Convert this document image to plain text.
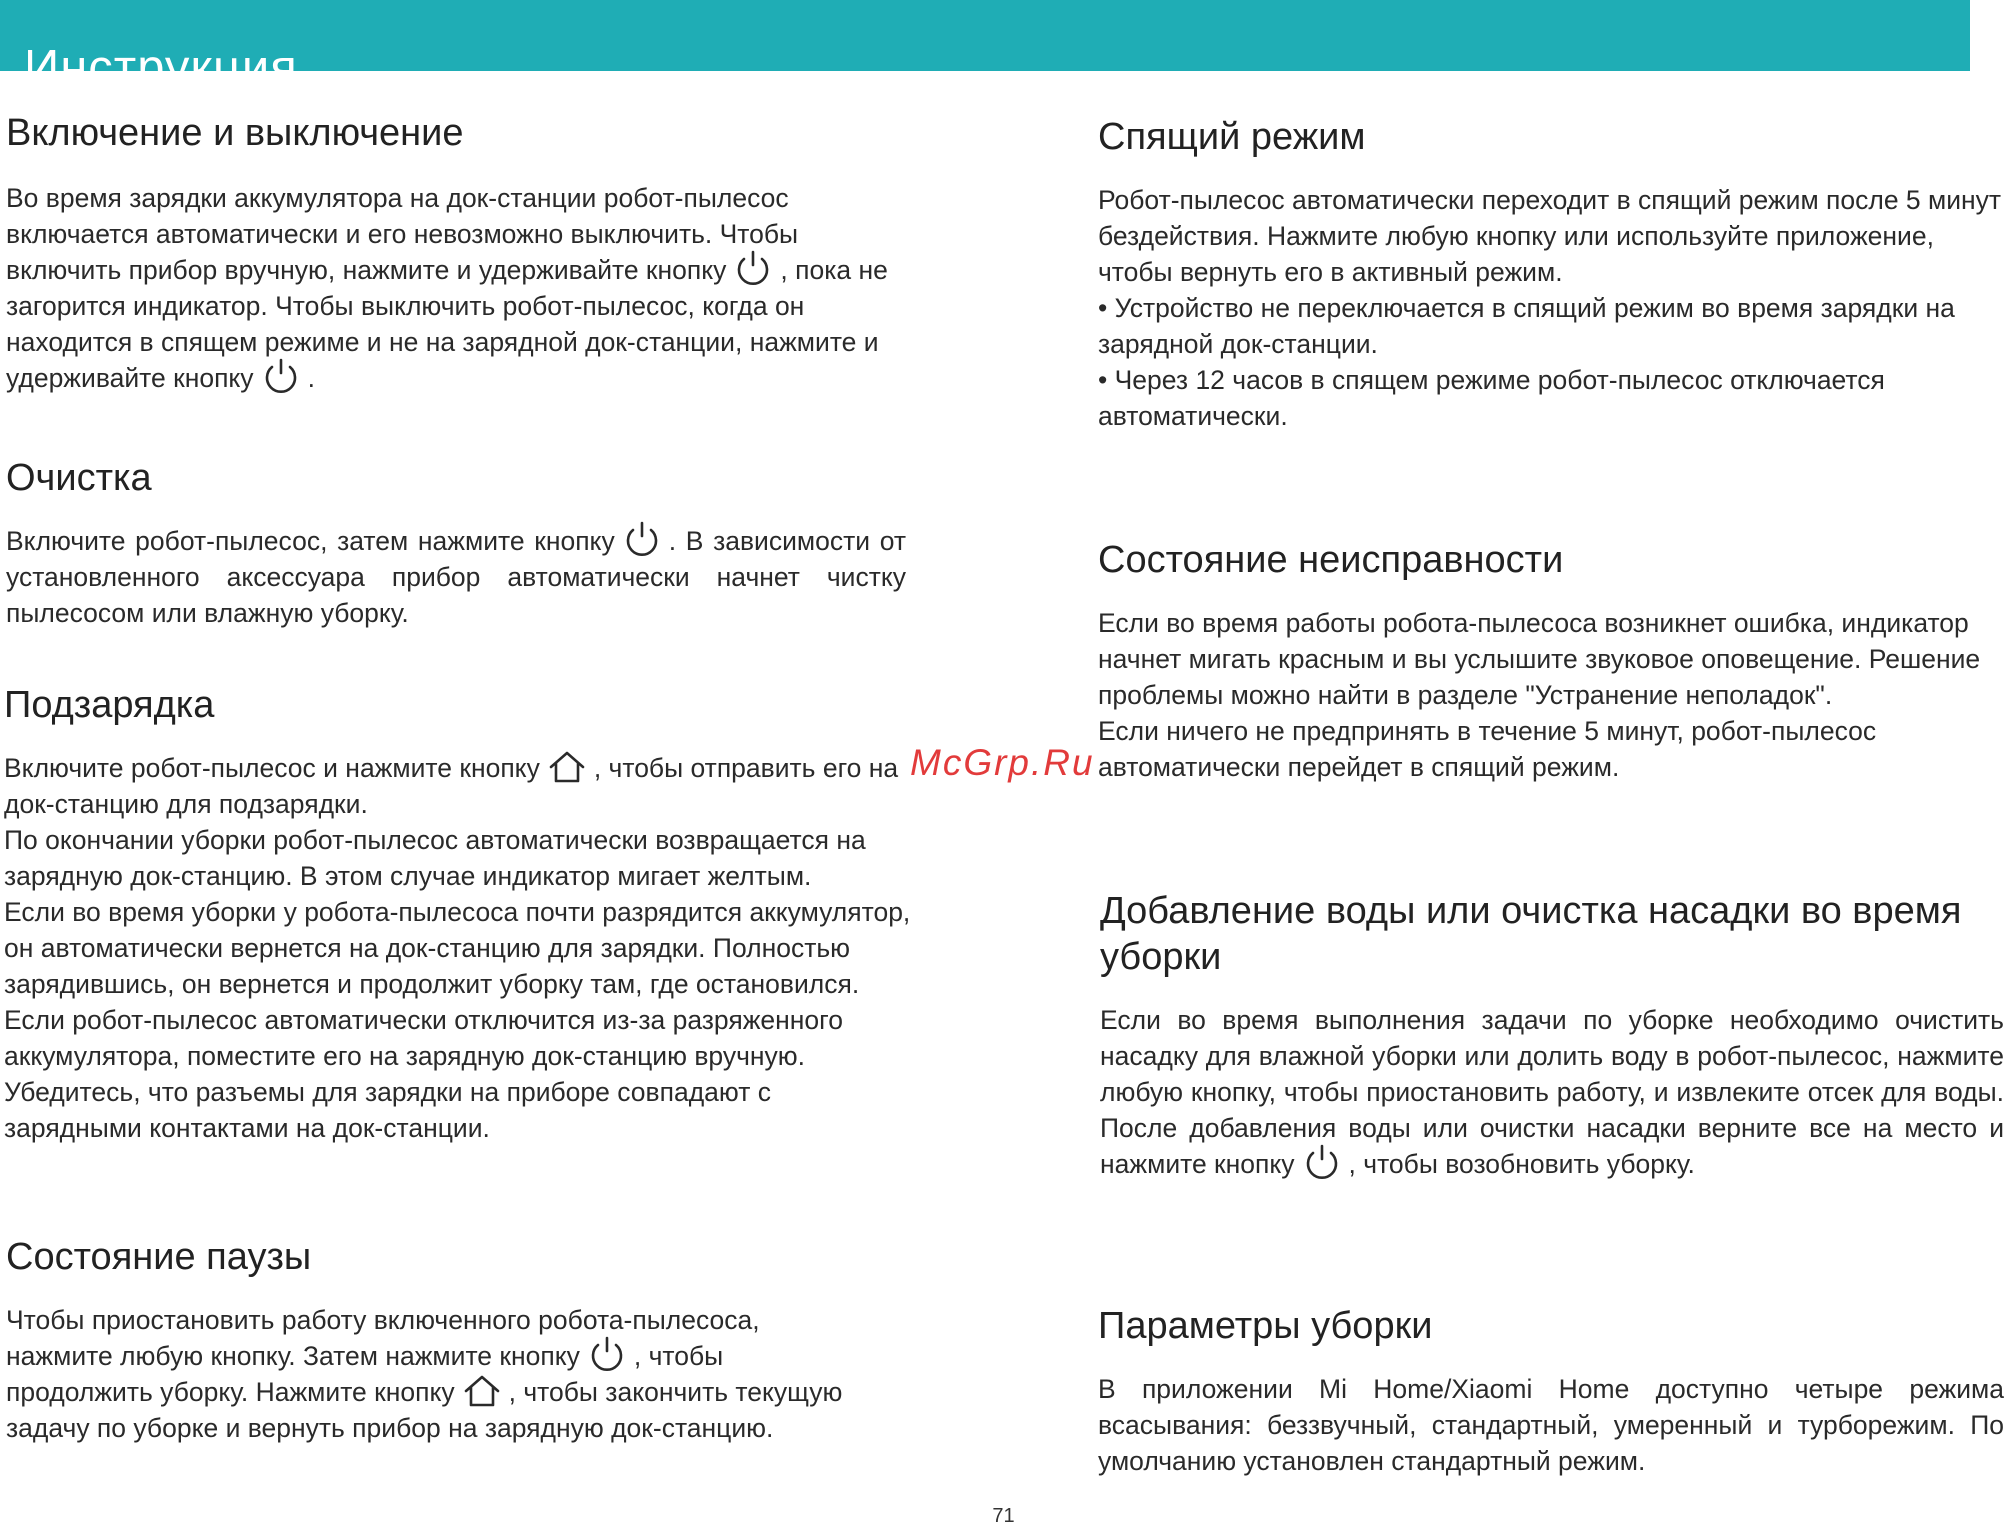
Инструкция
Включение и выключение

Во время зарядки аккумулятора на док-станции робот-пылесос включается автоматически и его невозможно выключить. Чтобы включить прибор вручную, нажмите и удерживайте кнопку , пока не загорится индикатор. Чтобы выключить робот-пылесос, когда он находится в спящем режиме и не на зарядной док-станции, нажмите и удерживайте кнопку .

Очистка

Включите робот-пылесос, затем нажмите кнопку . В зависимости от установленного аксессуара прибор автоматически начнет чистку пылесосом или влажную уборку.

Подзарядка

Включите робот-пылесос и нажмите кнопку , чтобы отправить его на док-станцию для подзарядки.

По окончании уборки робот-пылесос автоматически возвращается на зарядную док-станцию. В этом случае индикатор мигает желтым.

Если во время уборки у робота-пылесоса почти разрядится аккумулятор, он автоматически вернется на док-станцию для зарядки. Полностью зарядившись, он вернется и продолжит уборку там, где остановился.

Если робот-пылесос автоматически отключится из-за разряженного аккумулятора, поместите его на зарядную док-станцию вручную. Убедитесь, что разъемы для зарядки на приборе совпадают с зарядными контактами на док-станции.

Состояние паузы

Чтобы приостановить работу включенного робота-пылесоса, нажмите любую кнопку. Затем нажмите кнопку , чтобы продолжить уборку. Нажмите кнопку , чтобы закончить текущую задачу по уборке и вернуть прибор на зарядную док-станцию.

Спящий режим

Робот-пылесос автоматически переходит в спящий режим после 5 минут бездействия. Нажмите любую кнопку или используйте приложение, чтобы вернуть его в активный режим.

• Устройство не переключается в спящий режим во время зарядки на зарядной док-станции.

• Через 12 часов в спящем режиме робот-пылесос отключается автоматически.

Состояние неисправности

Если во время работы робота-пылесоса возникнет ошибка, индикатор начнет мигать красным и вы услышите звуковое оповещение. Решение проблемы можно найти в разделе "Устранение неполадок".

Если ничего не предпринять в течение 5 минут, робот-пылесос автоматически перейдет в спящий режим.

Добавление воды или очистка насадки во время уборки

Если во время выполнения задачи по уборке необходимо очистить насадку для влажной уборки или долить воду в робот-пылесос, нажмите любую кнопку, чтобы приостановить работу, и извлеките отсек для воды. После добавления воды или очистки насадки верните все на место и нажмите кнопку , чтобы возобновить уборку.

Параметры уборки

В приложении Mi Home/Xiaomi Home доступно четыре режима всасывания: беззвучный, стандартный, умеренный и турборежим. По умолчанию установлен стандартный режим.

McGrp.Ru
71
